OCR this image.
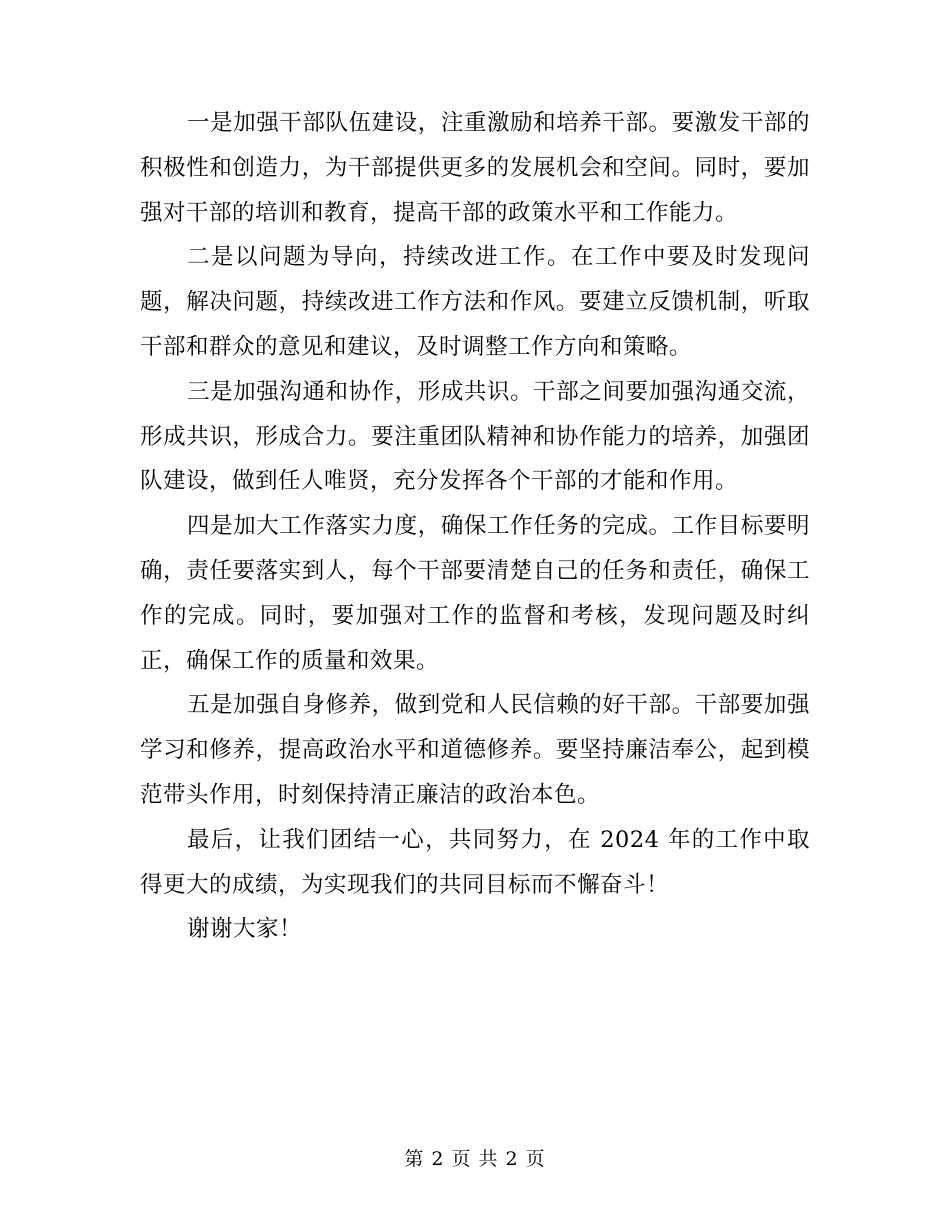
一是加强干部队伍建设，注重激励和培养干部。要激发干部的积极性和创造力，为干部提供更多的发展机会和空间。同时，要加强对干部的培训和教育，提高干部的政策水平和工作能力。

二是以问题为导向，持续改进工作。在工作中要及时发现问题，解决问题，持续改进工作方法和作风。要建立反馈机制，听取干部和群众的意见和建议，及时调整工作方向和策略。

三是加强沟通和协作，形成共识。干部之间要加强沟通交流，形成共识，形成合力。要注重团队精神和协作能力的培养，加强团队建设，做到任人唯贤，充分发挥各个干部的才能和作用。

四是加大工作落实力度，确保工作任务的完成。工作目标要明确，责任要落实到人，每个干部要清楚自己的任务和责任，确保工作的完成。同时，要加强对工作的监督和考核，发现问题及时纠正，确保工作的质量和效果。

五是加强自身修养，做到党和人民信赖的好干部。干部要加强学习和修养，提高政治水平和道德修养。要坚持廉洁奉公，起到模范带头作用，时刻保持清正廉洁的政治本色。

最后，让我们团结一心，共同努力，在 2024 年的工作中取得更大的成绩，为实现我们的共同目标而不懈奋斗！

谢谢大家！

第 2 页 共 2 页
